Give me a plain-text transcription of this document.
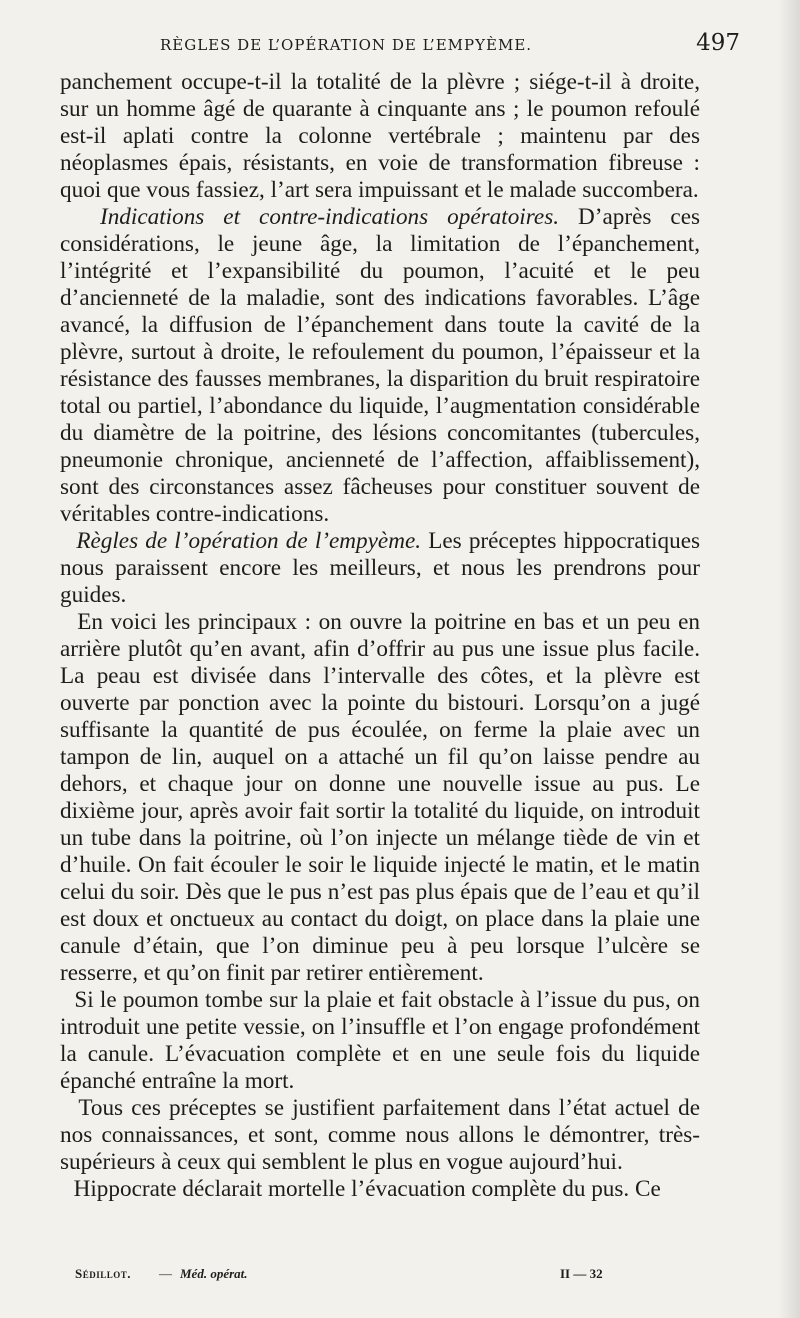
RÈGLES DE L’OPÉRATION DE L’EMPYÈME.	497

panchement occupe-t-il la totalité de la plèvre ; siége-t-il à droite, sur un homme âgé de quarante à cinquante ans ; le poumon refoulé est-il aplati contre la colonne vertébrale ; maintenu par des néoplasmes épais, résistants, en voie de transformation fibreuse : quoi que vous fassiez, l’art sera impuissant et le malade succombera.

Indications et contre-indications opératoires. D’après ces considérations, le jeune âge, la limitation de l’épanchement, l’intégrité et l’expansibilité du poumon, l’acuité et le peu d’ancienneté de la maladie, sont des indications favorables. L’âge avancé, la diffusion de l’épanchement dans toute la cavité de la plèvre, surtout à droite, le refoulement du poumon, l’épaisseur et la résistance des fausses membranes, la disparition du bruit respiratoire total ou partiel, l’abondance du liquide, l’augmentation considérable du diamètre de la poitrine, des lésions concomitantes (tubercules, pneumonie chronique, ancienneté de l’affection, affaiblissement), sont des circonstances assez fâcheuses pour constituer souvent de véritables contre-indications.

Règles de l’opération de l’empyème. Les préceptes hippocratiques nous paraissent encore les meilleurs, et nous les prendrons pour guides.

En voici les principaux : on ouvre la poitrine en bas et un peu en arrière plutôt qu’en avant, afin d’offrir au pus une issue plus facile. La peau est divisée dans l’intervalle des côtes, et la plèvre est ouverte par ponction avec la pointe du bistouri. Lorsqu’on a jugé suffisante la quantité de pus écoulée, on ferme la plaie avec un tampon de lin, auquel on a attaché un fil qu’on laisse pendre au dehors, et chaque jour on donne une nouvelle issue au pus. Le dixième jour, après avoir fait sortir la totalité du liquide, on introduit un tube dans la poitrine, où l’on injecte un mélange tiède de vin et d’huile. On fait écouler le soir le liquide injecté le matin, et le matin celui du soir. Dès que le pus n’est pas plus épais que de l’eau et qu’il est doux et onctueux au contact du doigt, on place dans la plaie une canule d’étain, que l’on diminue peu à peu lorsque l’ulcère se resserre, et qu’on finit par retirer entièrement.

Si le poumon tombe sur la plaie et fait obstacle à l’issue du pus, on introduit une petite vessie, on l’insuffle et l’on engage profondément la canule. L’évacuation complète et en une seule fois du liquide épanché entraîne la mort.

Tous ces préceptes se justifient parfaitement dans l’état actuel de nos connaissances, et sont, comme nous allons le démontrer, très-supérieurs à ceux qui semblent le plus en vogue aujourd’hui.

Hippocrate déclarait mortelle l’évacuation complète du pus. Ce

Sédillot. — Méd. opérat.	II — 32
